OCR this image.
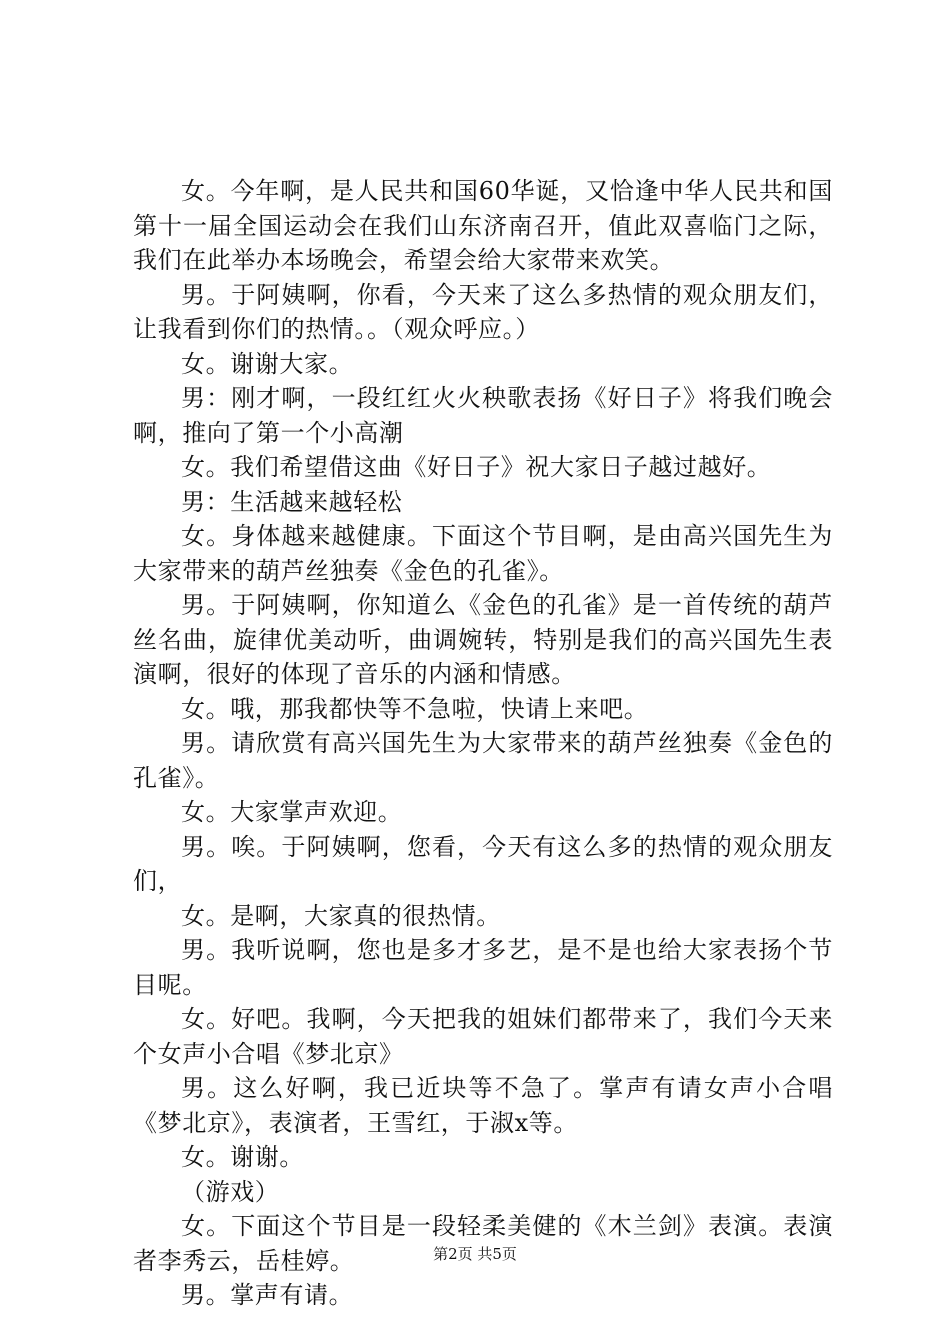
女。今年啊，是人民共和国60华诞，又恰逢中华人民共和国第十一届全国运动会在我们山东济南召开，值此双喜临门之际，我们在此举办本场晚会，希望会给大家带来欢笑。

男。于阿姨啊，你看，今天来了这么多热情的观众朋友们，让我看到你们的热情。。（观众呼应。）

女。谢谢大家。

男：刚才啊，一段红红火火秧歌表扬《好日子》将我们晚会啊，推向了第一个小高潮

女。我们希望借这曲《好日子》祝大家日子越过越好。

男：生活越来越轻松

女。身体越来越健康。下面这个节目啊，是由高兴国先生为大家带来的葫芦丝独奏《金色的孔雀》。

男。于阿姨啊，你知道么《金色的孔雀》是一首传统的葫芦丝名曲，旋律优美动听，曲调婉转，特别是我们的高兴国先生表演啊，很好的体现了音乐的内涵和情感。

女。哦，那我都快等不急啦，快请上来吧。

男。请欣赏有高兴国先生为大家带来的葫芦丝独奏《金色的孔雀》。

女。大家掌声欢迎。

男。唉。于阿姨啊，您看，今天有这么多的热情的观众朋友们，

女。是啊，大家真的很热情。

男。我听说啊，您也是多才多艺，是不是也给大家表扬个节目呢。

女。好吧。我啊，今天把我的姐妹们都带来了，我们今天来个女声小合唱《梦北京》

男。这么好啊，我已近块等不急了。掌声有请女声小合唱《梦北京》，表演者，王雪红，于淑x等。

女。谢谢。

（游戏）

女。下面这个节目是一段轻柔美健的《木兰剑》表演。表演者李秀云，岳桂婷。

男。掌声有请。

第2页 共5页
